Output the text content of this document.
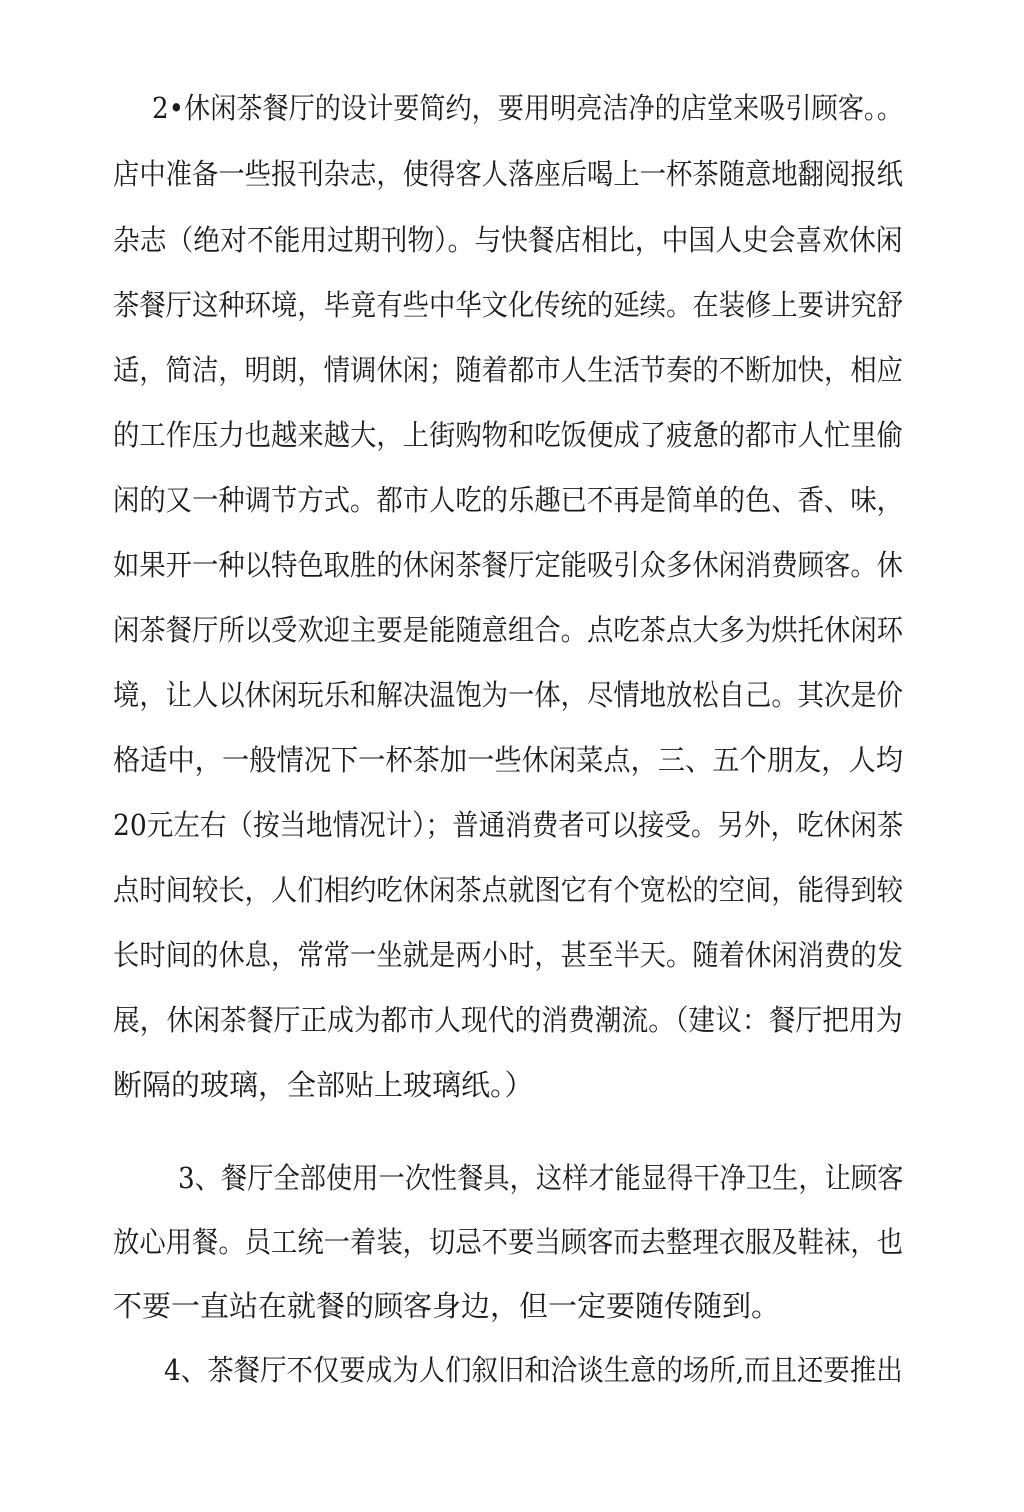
2•休闲茶餐厅的设计要简约，要用明亮洁净的店堂来吸引顾客。。
店中准备一些报刊杂志，使得客人落座后喝上一杯茶随意地翻阅报纸
杂志（绝对不能用过期刊物）。与快餐店相比，中国人史会喜欢休闲
茶餐厅这种环境，毕竟有些中华文化传统的延续。在装修上要讲究舒
适，简洁，明朗，情调休闲；随着都市人生活节奏的不断加快，相应
的工作压力也越来越大，上街购物和吃饭便成了疲惫的都市人忙里偷
闲的又一种调节方式。都市人吃的乐趣已不再是简单的色、香、味，
如果开一种以特色取胜的休闲茶餐厅定能吸引众多休闲消费顾客。休
闲茶餐厅所以受欢迎主要是能随意组合。点吃茶点大多为烘托休闲环
境，让人以休闲玩乐和解决温饱为一体，尽情地放松自己。其次是价
格适中，一般情况下一杯茶加一些休闲菜点，三、五个朋友，人均
20元左右（按当地情况计）；普通消费者可以接受。另外，吃休闲茶
点时间较长，人们相约吃休闲茶点就图它有个宽松的空间，能得到较
长时间的休息，常常一坐就是两小时，甚至半天。随着休闲消费的发
展，休闲茶餐厅正成为都市人现代的消费潮流。（建议：餐厅把用为
断隔的玻璃，全部贴上玻璃纸。）
3、餐厅全部使用一次性餐具，这样才能显得干净卫生，让顾客
放心用餐。员工统一着装，切忌不要当顾客而去整理衣服及鞋袜，也
不要一直站在就餐的顾客身边，但一定要随传随到。
4、茶餐厅不仅要成为人们叙旧和洽谈生意的场所,而且还要推出
